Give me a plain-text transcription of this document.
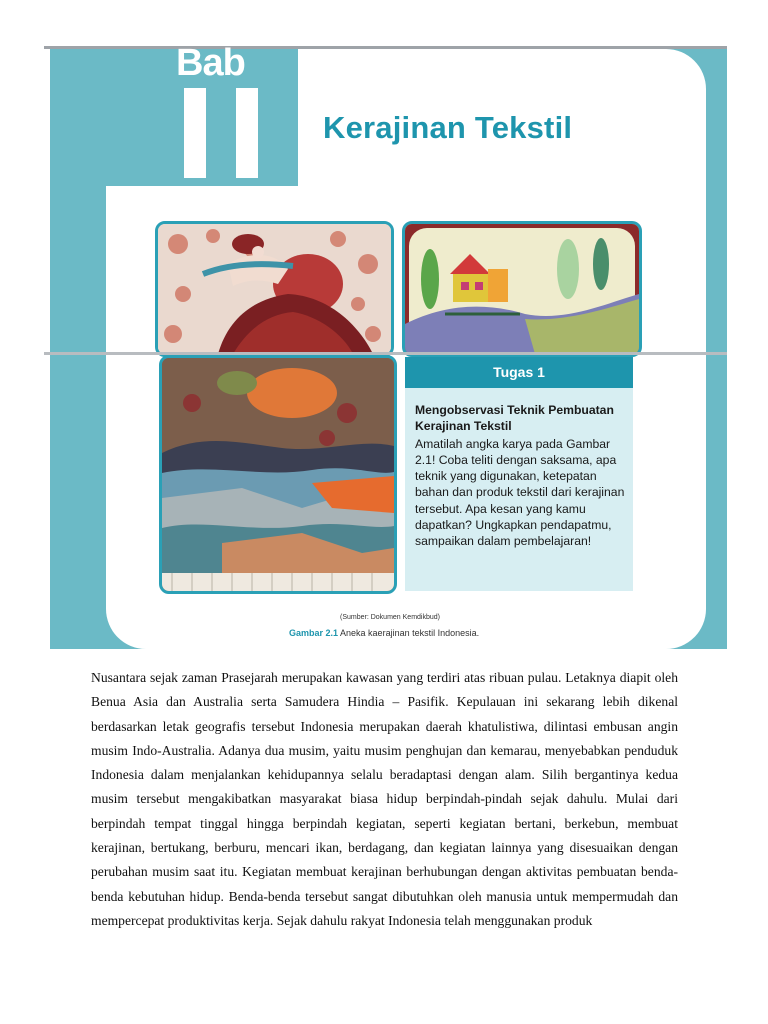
Bab
Kerajinan Tekstil
Tugas 1
Mengobservasi Teknik Pembuatan Kerajinan Tekstil
Amatilah angka karya pada Gambar 2.1! Coba teliti dengan saksama, apa teknik yang digunakan, ketepatan bahan dan produk tekstil dari kerajinan tersebut. Apa kesan yang kamu dapatkan? Ungkapkan pendapatmu, sampaikan dalam pembelajaran!
(Sumber: Dokumen Kemdikbud)
Gambar 2.1 Aneka kaerajinan tekstil Indonesia.
Nusantara sejak zaman Prasejarah merupakan kawasan yang terdiri atas ribuan pulau. Letaknya diapit oleh Benua Asia dan Australia serta Samudera Hindia – Pasifik. Kepulauan ini sekarang lebih dikenal berdasarkan letak geografis tersebut Indonesia merupakan daerah khatulistiwa, dilintasi embusan angin musim Indo-Australia. Adanya dua musim, yaitu musim penghujan dan kemarau, menyebabkan penduduk Indonesia dalam menjalankan kehidupannya selalu beradaptasi dengan alam. Silih bergantinya kedua musim tersebut mengakibatkan masyarakat biasa hidup berpindah-pindah sejak dahulu. Mulai dari berpindah tempat tinggal hingga berpindah kegiatan, seperti kegiatan bertani, berkebun, membuat kerajinan, bertukang, berburu, mencari ikan, berdagang, dan kegiatan lainnya yang disesuaikan dengan perubahan musim saat itu. Kegiatan membuat kerajinan berhubungan dengan aktivitas pembuatan benda-benda kebutuhan hidup. Benda-benda tersebut sangat dibutuhkan oleh manusia untuk mempermudah dan mempercepat produktivitas kerja. Sejak dahulu rakyat Indonesia telah menggunakan produk
